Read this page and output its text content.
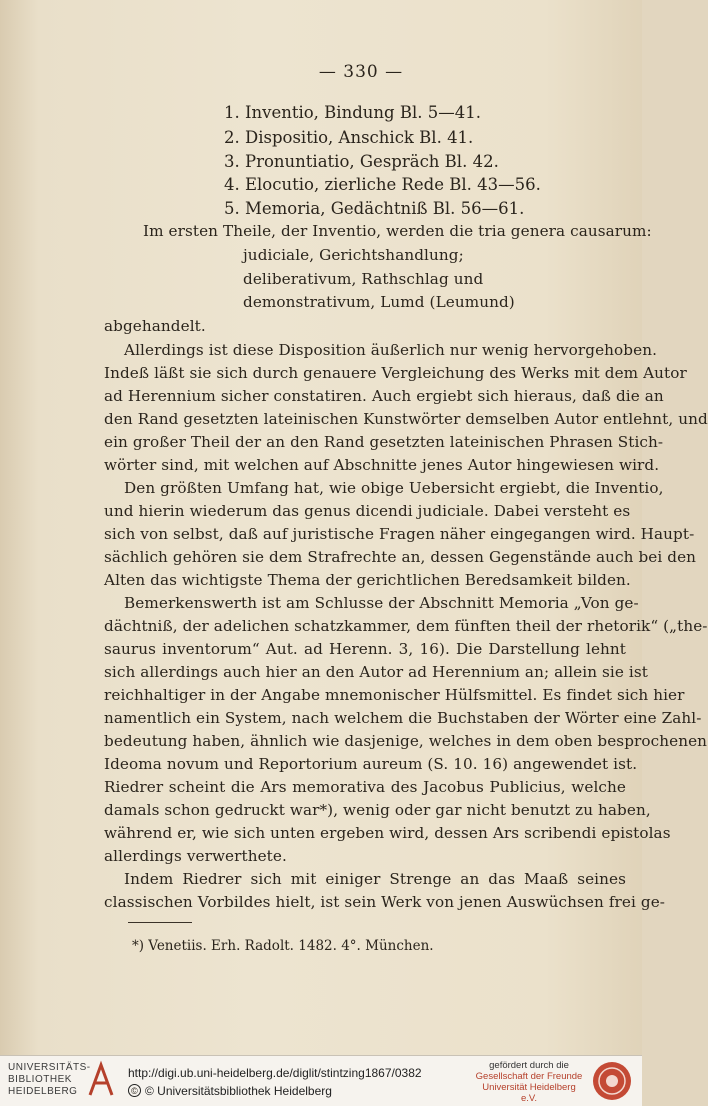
— 330 —
1. Inventio, Bindung Bl. 5—41.
2. Dispositio, Anschick Bl. 41.
3. Pronuntiatio, Gespräch Bl. 42.
4. Elocutio, zierliche Rede Bl. 43—56.
5. Memoria, Gedächtniß Bl. 56—61.
Im ersten Theile, der Inventio, werden die tria genera causarum:
judiciale, Gerichtshandlung;
deliberativum, Rathschlag und
demonstrativum, Lumd (Leumund)
abgehandelt.
Allerdings ist diese Disposition äußerlich nur wenig hervorgehoben.
Indeß läßt sie sich durch genauere Vergleichung des Werks mit dem Autor
ad Herennium sicher constatiren. Auch ergiebt sich hieraus, daß die an
den Rand gesetzten lateinischen Kunstwörter demselben Autor entlehnt, und
ein großer Theil der an den Rand gesetzten lateinischen Phrasen Stich-
wörter sind, mit welchen auf Abschnitte jenes Autor hingewiesen wird.
Den größten Umfang hat, wie obige Uebersicht ergiebt, die Inventio,
und hierin wiederum das genus dicendi judiciale. Dabei versteht es
sich von selbst, daß auf juristische Fragen näher eingegangen wird. Haupt-
sächlich gehören sie dem Strafrechte an, dessen Gegenstände auch bei den
Alten das wichtigste Thema der gerichtlichen Beredsamkeit bilden.
Bemerkenswerth ist am Schlusse der Abschnitt Memoria „Von ge-
dächtniß, der adelichen schatzkammer, dem fünften theil der rhetorik“ („the-
saurus inventorum“ Aut. ad Herenn. 3, 16). Die Darstellung lehnt
sich allerdings auch hier an den Autor ad Herennium an; allein sie ist
reichhaltiger in der Angabe mnemonischer Hülfsmittel. Es findet sich hier
namentlich ein System, nach welchem die Buchstaben der Wörter eine Zahl-
bedeutung haben, ähnlich wie dasjenige, welches in dem oben besprochenen
Ideoma novum und Reportorium aureum (S. 10. 16) angewendet ist.
Riedrer scheint die Ars memorativa des Jacobus Publicius, welche
damals schon gedruckt war*), wenig oder gar nicht benutzt zu haben,
während er, wie sich unten ergeben wird, dessen Ars scribendi epistolas
allerdings verwerthete.
Indem Riedrer sich mit einiger Strenge an das Maaß seines
classischen Vorbildes hielt, ist sein Werk von jenen Auswüchsen frei ge-
*) Venetiis. Erh. Radolt. 1482. 4°. München.
UNIVERSITÄTS-
BIBLIOTHEK
HEIDELBERG
http://digi.ub.uni-heidelberg.de/diglit/stintzing1867/0382
© © Universitätsbibliothek Heidelberg
gefördert durch die
Gesellschaft der Freunde
Universität Heidelberg e.V.
